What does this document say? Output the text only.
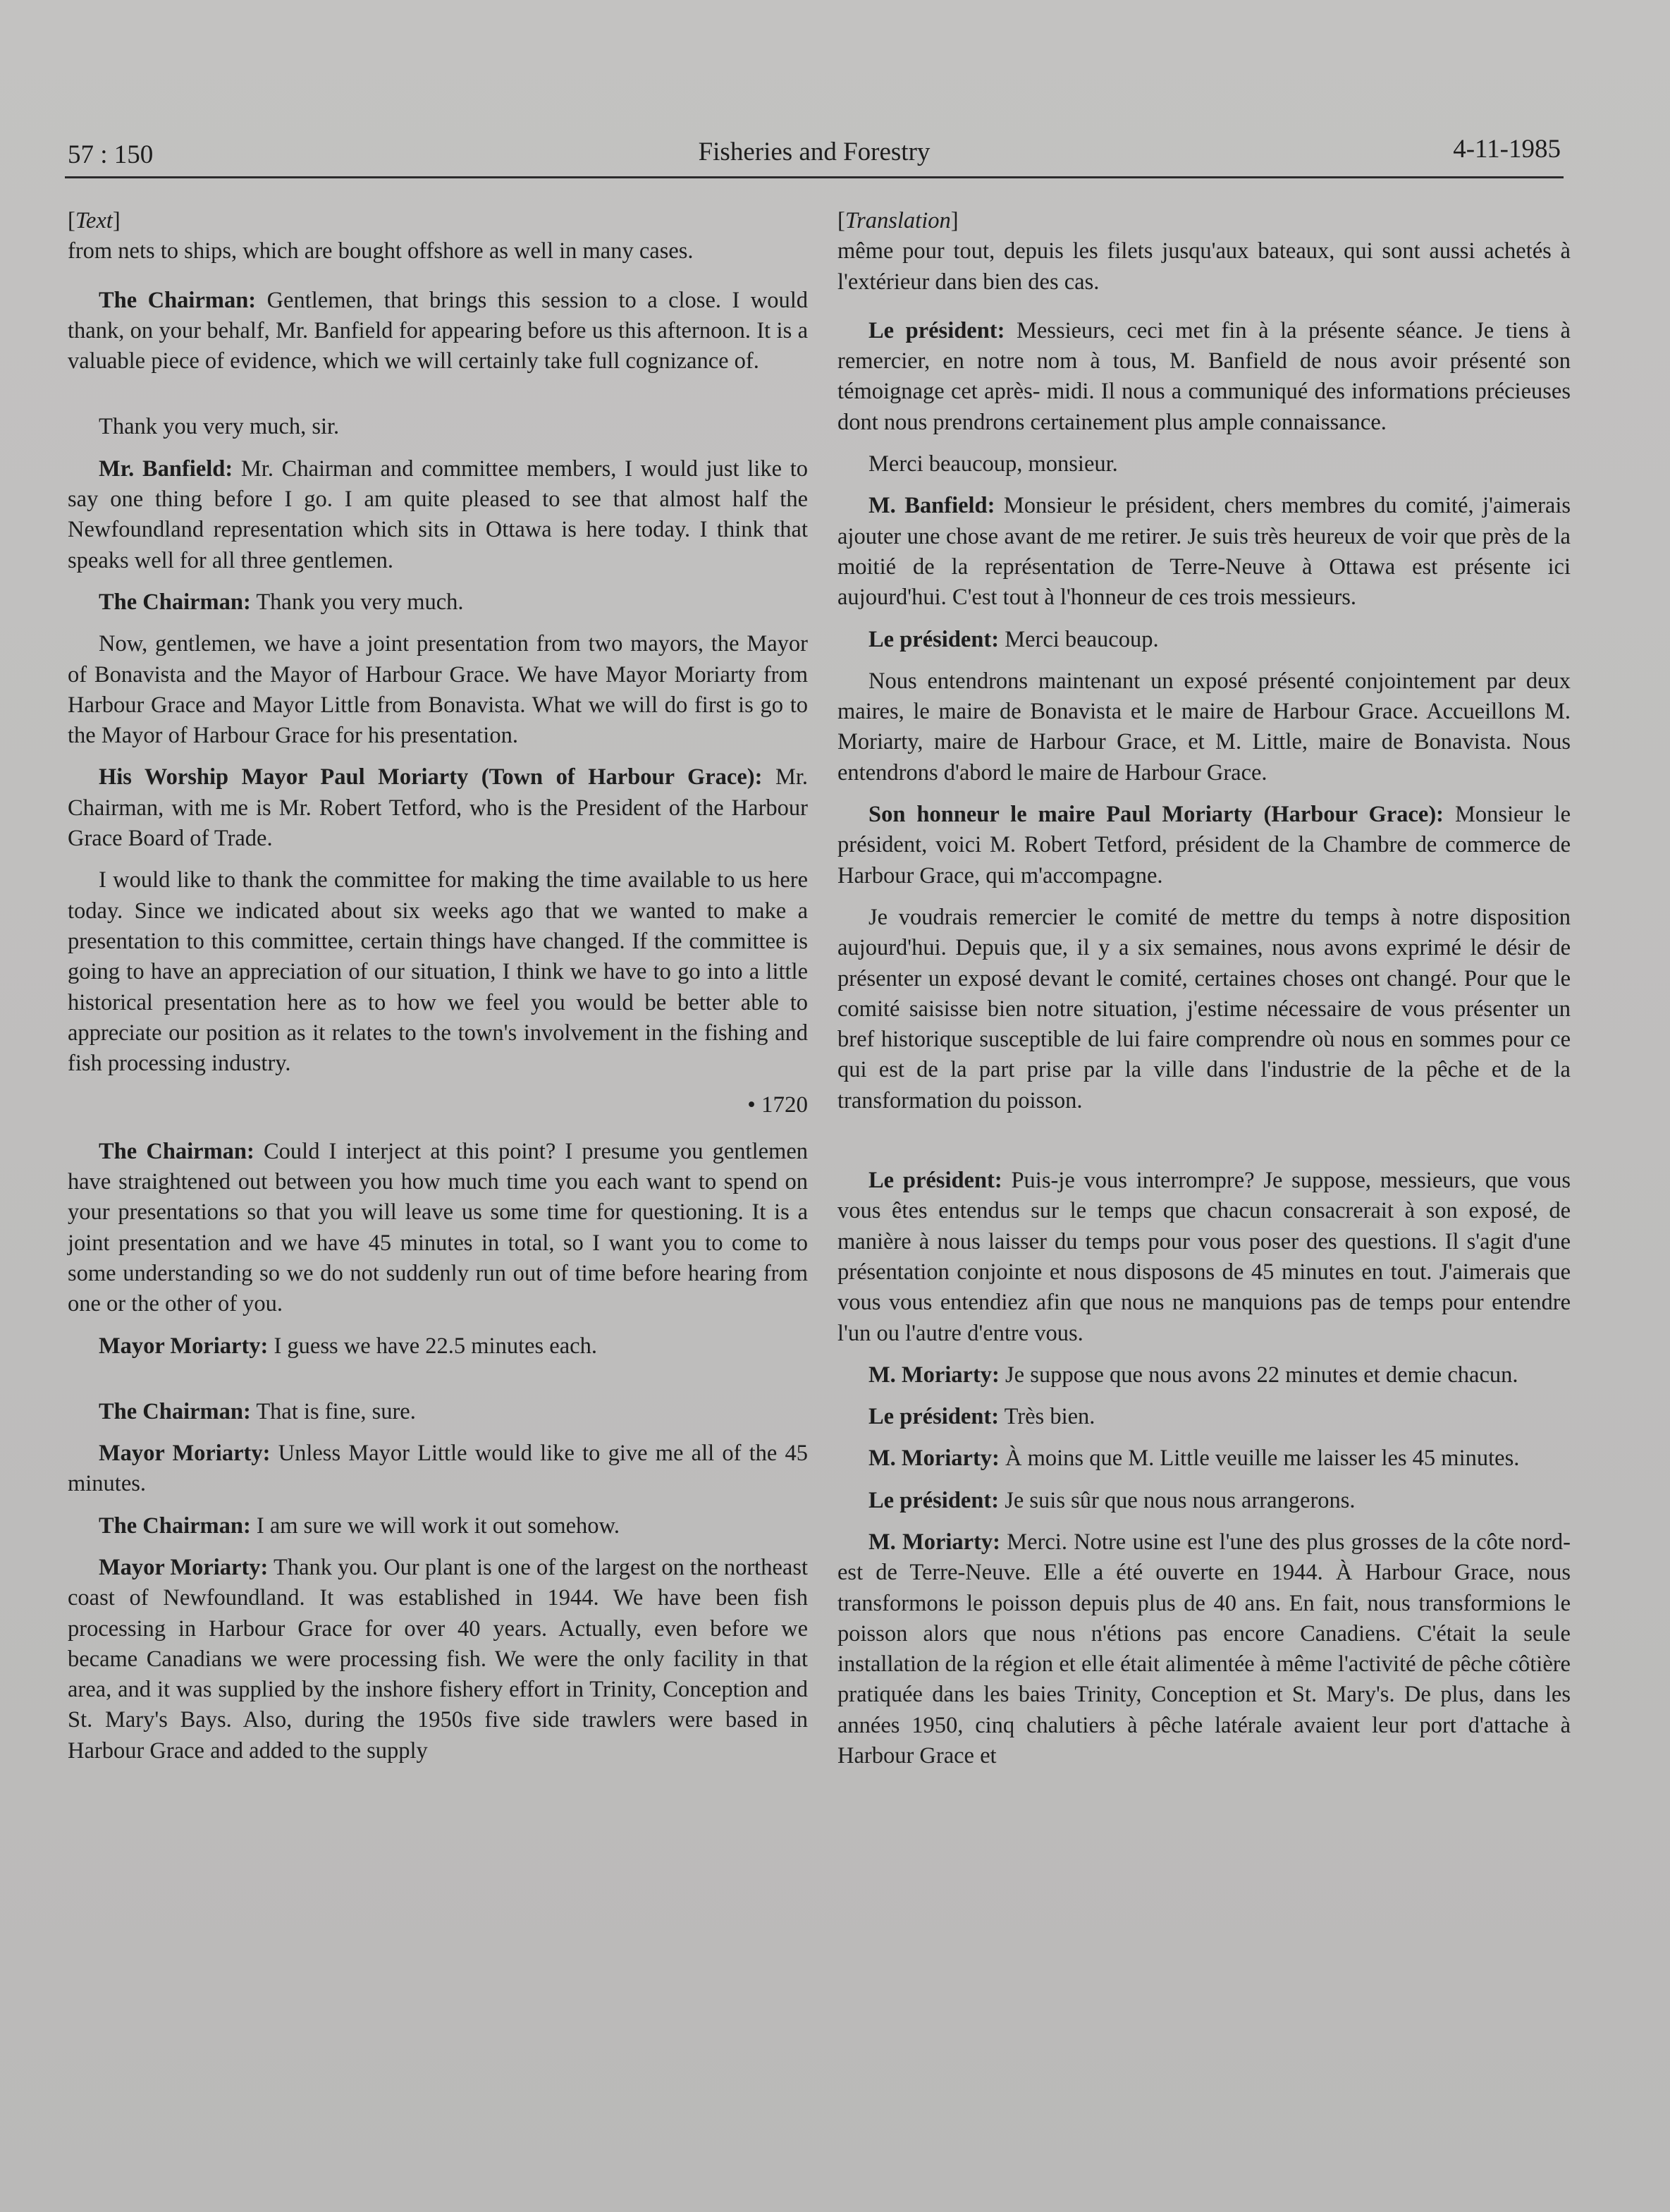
57 : 150	Fisheries and Forestry	4-11-1985

[Text]

from nets to ships, which are bought offshore as well in many cases.

The Chairman: Gentlemen, that brings this session to a close. I would thank, on your behalf, Mr. Banfield for appearing before us this afternoon. It is a valuable piece of evidence, which we will certainly take full cognizance of.

Thank you very much, sir.

Mr. Banfield: Mr. Chairman and committee members, I would just like to say one thing before I go. I am quite pleased to see that almost half the Newfoundland representation which sits in Ottawa is here today. I think that speaks well for all three gentlemen.

The Chairman: Thank you very much.

Now, gentlemen, we have a joint presentation from two mayors, the Mayor of Bonavista and the Mayor of Harbour Grace. We have Mayor Moriarty from Harbour Grace and Mayor Little from Bonavista. What we will do first is go to the Mayor of Harbour Grace for his presentation.

His Worship Mayor Paul Moriarty (Town of Harbour Grace): Mr. Chairman, with me is Mr. Robert Tetford, who is the President of the Harbour Grace Board of Trade.

I would like to thank the committee for making the time available to us here today. Since we indicated about six weeks ago that we wanted to make a presentation to this committee, certain things have changed. If the committee is going to have an appreciation of our situation, I think we have to go into a little historical presentation here as to how we feel you would be better able to appreciate our position as it relates to the town's involvement in the fishing and fish processing industry.

• 1720

The Chairman: Could I interject at this point? I presume you gentlemen have straightened out between you how much time you each want to spend on your presentations so that you will leave us some time for questioning. It is a joint presentation and we have 45 minutes in total, so I want you to come to some understanding so we do not suddenly run out of time before hearing from one or the other of you.

Mayor Moriarty: I guess we have 22.5 minutes each.

The Chairman: That is fine, sure.

Mayor Moriarty: Unless Mayor Little would like to give me all of the 45 minutes.

The Chairman: I am sure we will work it out somehow.

Mayor Moriarty: Thank you. Our plant is one of the largest on the northeast coast of Newfoundland. It was established in 1944. We have been fish processing in Harbour Grace for over 40 years. Actually, even before we became Canadians we were processing fish. We were the only facility in that area, and it was supplied by the inshore fishery effort in Trinity, Conception and St. Mary's Bays. Also, during the 1950s five side trawlers were based in Harbour Grace and added to the supply

[Translation]

même pour tout, depuis les filets jusqu'aux bateaux, qui sont aussi achetés à l'extérieur dans bien des cas.

Le président: Messieurs, ceci met fin à la présente séance. Je tiens à remercier, en notre nom à tous, M. Banfield de nous avoir présenté son témoignage cet après- midi. Il nous a communiqué des informations précieuses dont nous prendrons certainement plus ample connaissance.

Merci beaucoup, monsieur.

M. Banfield: Monsieur le président, chers membres du comité, j'aimerais ajouter une chose avant de me retirer. Je suis très heureux de voir que près de la moitié de la représentation de Terre-Neuve à Ottawa est présente ici aujourd'hui. C'est tout à l'honneur de ces trois messieurs.

Le président: Merci beaucoup.

Nous entendrons maintenant un exposé présenté conjointement par deux maires, le maire de Bonavista et le maire de Harbour Grace. Accueillons M. Moriarty, maire de Harbour Grace, et M. Little, maire de Bonavista. Nous entendrons d'abord le maire de Harbour Grace.

Son honneur le maire Paul Moriarty (Harbour Grace): Monsieur le président, voici M. Robert Tetford, président de la Chambre de commerce de Harbour Grace, qui m'accompagne.

Je voudrais remercier le comité de mettre du temps à notre disposition aujourd'hui. Depuis que, il y a six semaines, nous avons exprimé le désir de présenter un exposé devant le comité, certaines choses ont changé. Pour que le comité saisisse bien notre situation, j'estime nécessaire de vous présenter un bref historique susceptible de lui faire comprendre où nous en sommes pour ce qui est de la part prise par la ville dans l'industrie de la pêche et de la transformation du poisson.

Le président: Puis-je vous interrompre? Je suppose, messieurs, que vous vous êtes entendus sur le temps que chacun consacrerait à son exposé, de manière à nous laisser du temps pour vous poser des questions. Il s'agit d'une présentation conjointe et nous disposons de 45 minutes en tout. J'aimerais que vous vous entendiez afin que nous ne manquions pas de temps pour entendre l'un ou l'autre d'entre vous.

M. Moriarty: Je suppose que nous avons 22 minutes et demie chacun.

Le président: Très bien.

M. Moriarty: À moins que M. Little veuille me laisser les 45 minutes.

Le président: Je suis sûr que nous nous arrangerons.

M. Moriarty: Merci. Notre usine est l'une des plus grosses de la côte nord-est de Terre-Neuve. Elle a été ouverte en 1944. À Harbour Grace, nous transformons le poisson depuis plus de 40 ans. En fait, nous transformions le poisson alors que nous n'étions pas encore Canadiens. C'était la seule installation de la région et elle était alimentée à même l'activité de pêche côtière pratiquée dans les baies Trinity, Conception et St. Mary's. De plus, dans les années 1950, cinq chalutiers à pêche latérale avaient leur port d'attache à Harbour Grace et
